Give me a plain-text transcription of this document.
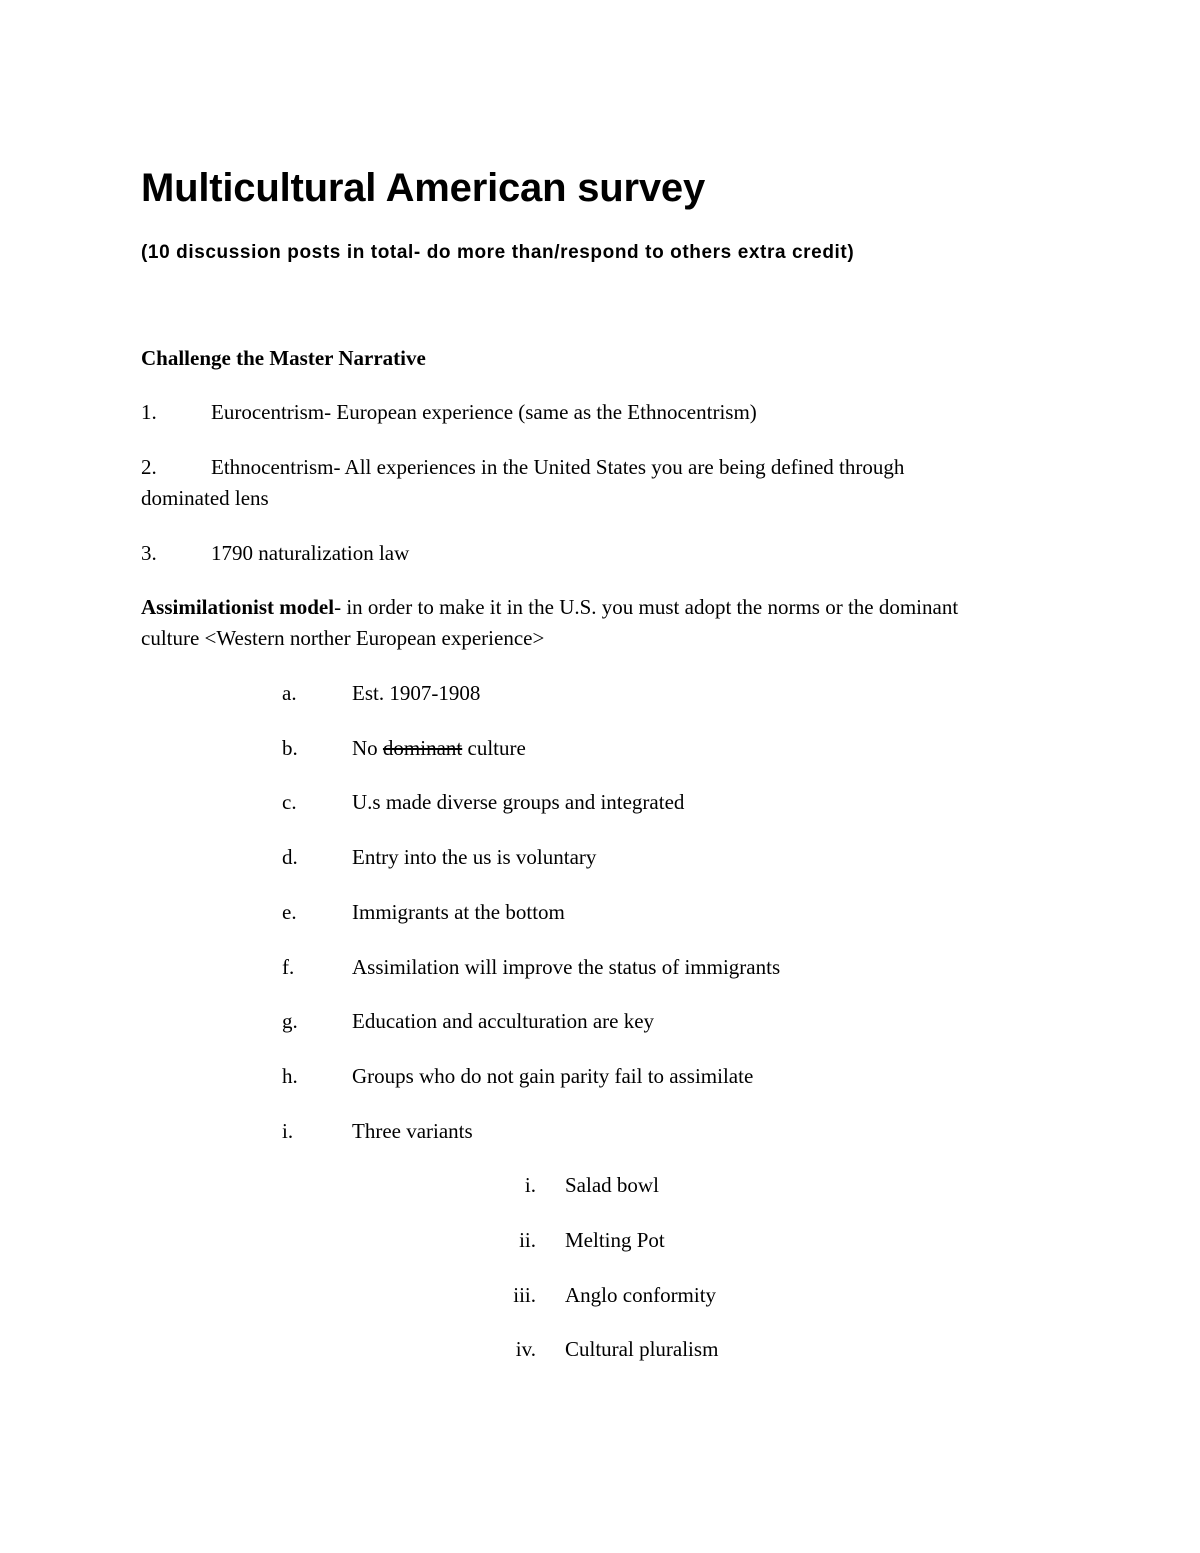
Multicultural American survey
(10 discussion posts in total- do more than/respond to others extra credit)
Challenge the Master Narrative
1.	Eurocentrism- European experience (same as the Ethnocentrism)
2.	Ethnocentrism- All experiences in the United States you are being defined through
dominated lens
3.	1790 naturalization law
Assimilationist model- in order to make it in the U.S. you must adopt the norms or the dominant
culture <Western norther European experience>
a.	Est. 1907-1908
b.	No dominant culture
c.	U.s made diverse groups and integrated
d.	Entry into the us is voluntary
e.	Immigrants at the bottom
f.	Assimilation will improve the status of immigrants
g.	Education and acculturation are key
h.	Groups who do not gain parity fail to assimilate
i.	Three variants
i. Salad bowl
ii. Melting Pot
iii. Anglo conformity
iv. Cultural pluralism
